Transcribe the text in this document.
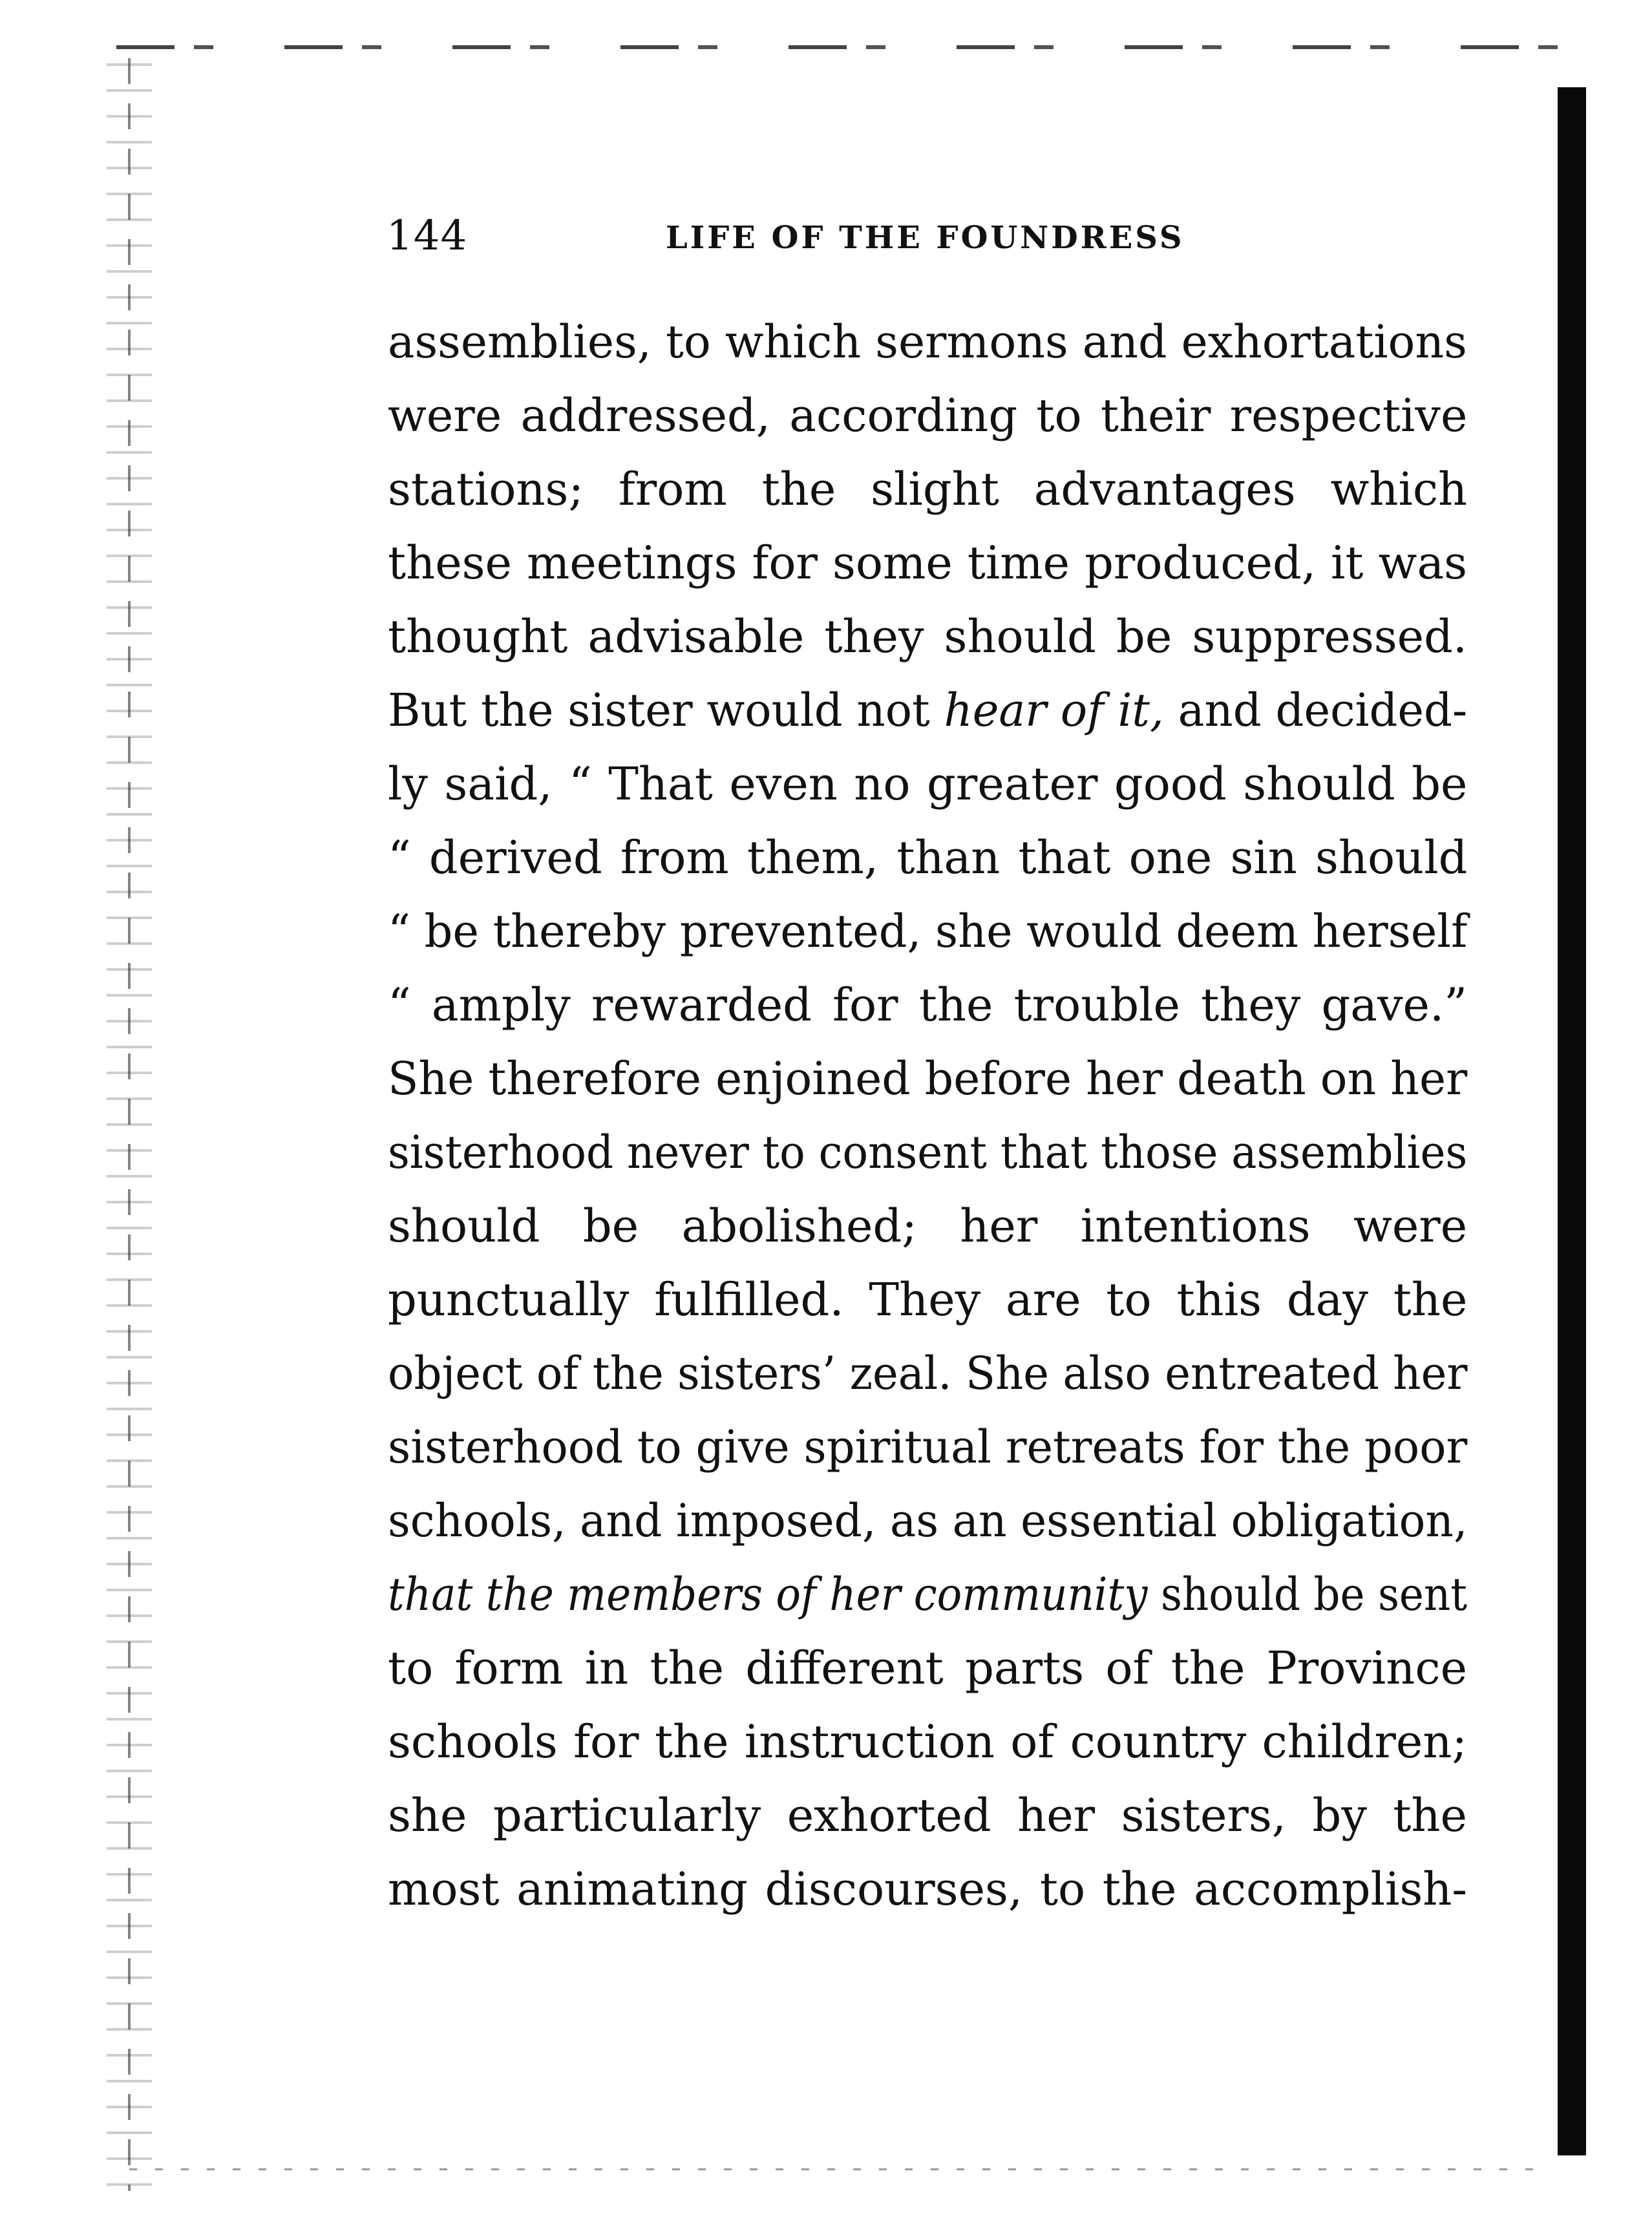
144	LIFE OF THE FOUNDRESS
assemblies, to which sermons and exhortations
were addressed, according to their respective
stations; from the slight advantages which
these meetings for some time produced, it was
thought advisable they should be suppressed.
But the sister would not hear of it, and decided-
ly said, “ That even no greater good should be
“ derived from them, than that one sin should
“ be thereby prevented, she would deem herself
“ amply rewarded for the trouble they gave.”
She therefore enjoined before her death on her
sisterhood never to consent that those assemblies
should be abolished; her intentions were
punctually fulfilled. They are to this day the
object of the sisters’ zeal. She also entreated her
sisterhood to give spiritual retreats for the poor
schools, and imposed, as an essential obligation,
that the members of her community should be sent
to form in the different parts of the Province
schools for the instruction of country children;
she particularly exhorted her sisters, by the
most animating discourses, to the accomplish-
